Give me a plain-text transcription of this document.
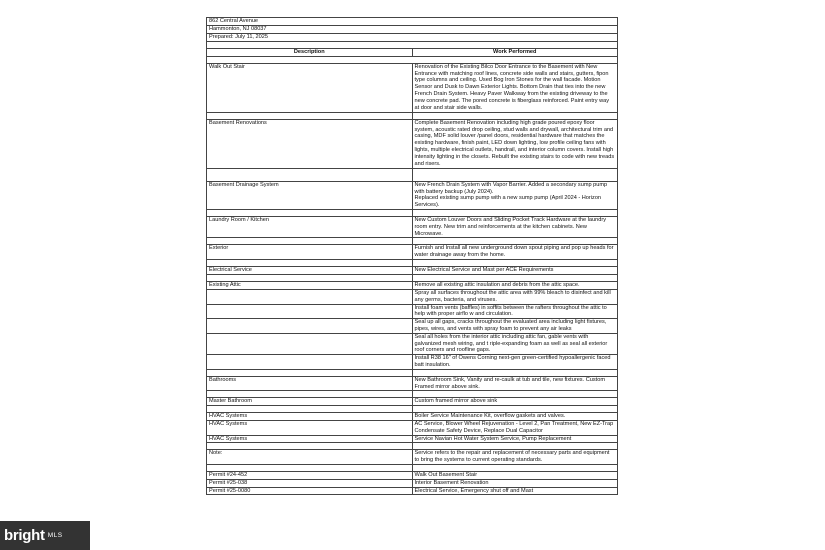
862 Central Avenue	
Hammonton, NJ 08037	
Prepared: July 11, 2025	

Description	Work Performed

Walk Out Stair	Renovation of the Existing Bilco Door Entrance to the Basement with New Entrance with matching roof lines, concrete side walls and stairs, gutters, fipon type columns and ceiling. Used Bog Iron Stones for the wall facade. Motion Sensor and Dusk to Dawn Exterior Lights. Bottom Drain that ties into the new French Drain System. Heavy Paver Walkway from the existing driveway to the new concrete pad. The pored concrete is fiberglass reinforced. Paint entry way at door and stair side walls.

Basement Renovations	Complete Basement Renovation including high grade poured epoxy floor system, acoustic rated drop ceiling, stud walls and drywall, architectural trim and casing, MDF solid louver /panel doors, residential hardware that matches the existing hardware, finish paint, LED down lighting, low profile ceiling fans with lights, multiple electrical outlets, handrail, and interior column covers. Install high intensity lighting in the closets. Rebuilt the existing stairs to code with new treads and risers.

Basement Drainage System	New French Drain System with Vapor Barrier. Added a secondary sump pump with battery backup (July 2024).
Replaced existing sump pump with a new sump pump (April 2024 - Horizon Services).

Laundry Room / Kitchen	New Custom Louver Doors and Sliding Pocket Track Hardware at the laundry room entry. New trim and reinforcements at the kitchen cabinets. New Microwave.

Exterior	Furnish and Install all new underground down spout piping and pop up heads for water drainage away from the home.

Electrical Service	New Electrical Service and Mast per ACE Requirements

Existing Attic	Remove all existing attic insulation and debris from the attic space.
	Spray all surfaces throughout the attic area with 99% bleach to disinfect and kill any germs, bacteria, and viruses.
	Install foam vents (baffles) in soffits between the rafters throughout the attic to help with proper airflo w and circulation.
	Seal up all gaps, cracks throughout the evaluated area including light fixtures, pipes, wires, and vents with spray foam to prevent any air leaks
	Seal all holes from the interior attic including attic fan, gable vents with galvanized mesh wiring, and t riple-expanding foam as well as seal all exterior roof corners and roofline gaps.
	Install R38 16" of Owens Corning next-gen green-certified hypoallergenic faced batt insulation.

Bathrooms	New Bathroom Sink, Vanity and re-caulk at tub and tile, new fixtures. Custom Framed mirror above sink.

Master Bathroom	Custom framed mirror above sink

HVAC Systems	Boiler Service Maintenance Kit, overflow gaskets and valves.
HVAC Systems	AC Service, Blower Wheel Rejuvenation - Level 2, Pan Treatment, New EZ-Trap Condensate Safety Device, Replace Dual Capacitor
HVAC Systems	Service Navian Hot Water System Service, Pump Replacement

Note:	Service refers to the repair and replacement of necessary parts and equipment to bring the systems to current operating standards.

Permit #24-452	Walk Out Basement Stair
Permit #25-038	Interior Basement Renovation
Permit #25-0080	Electrical Service, Emergency shut off and Mast
bright MLS
